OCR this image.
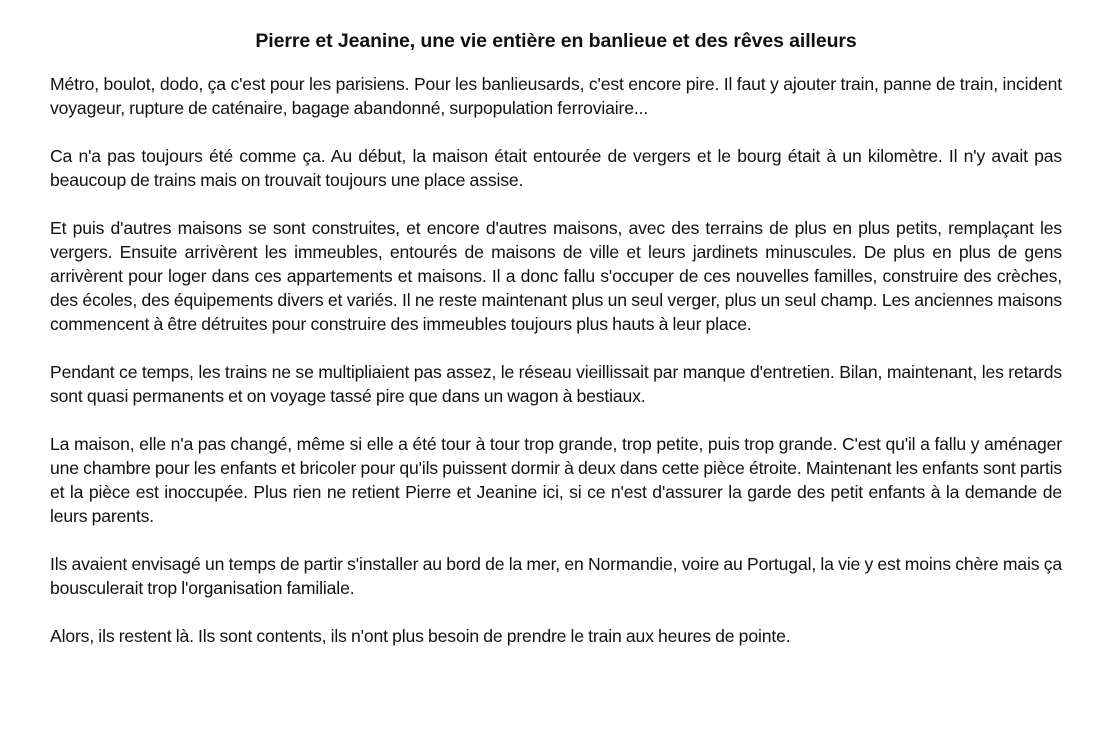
Pierre et Jeanine, une vie entière en banlieue et des rêves ailleurs

Métro, boulot, dodo, ça c'est pour les parisiens. Pour les banlieusards, c'est encore pire. Il faut y ajouter train, panne de train, incident voyageur, rupture de caténaire, bagage abandonné, surpopulation ferroviaire...

Ca n'a pas toujours été comme ça. Au début, la maison était entourée de vergers et le bourg était à un kilomètre. Il n'y avait pas beaucoup de trains mais on trouvait toujours une place assise.

Et puis d'autres maisons se sont construites, et encore d'autres maisons, avec des terrains de plus en plus petits, remplaçant les vergers. Ensuite arrivèrent les immeubles, entourés de maisons de ville et leurs jardinets minuscules. De plus en plus de gens arrivèrent pour loger dans ces appartements et maisons. Il a donc fallu s'occuper de ces nouvelles familles, construire des crèches, des écoles, des équipements divers et variés. Il ne reste maintenant plus un seul verger, plus un seul champ. Les anciennes maisons commencent à être détruites pour construire des immeubles toujours plus hauts à leur place.

Pendant ce temps, les trains ne se multipliaient pas assez, le réseau vieillissait par manque d'entretien. Bilan, maintenant, les retards sont quasi permanents et on voyage tassé pire que dans un wagon à bestiaux.

La maison, elle n'a pas changé, même si elle a été tour à tour trop grande, trop petite, puis trop grande. C'est qu'il a fallu y aménager une chambre pour les enfants et bricoler pour qu'ils puissent dormir à deux dans cette pièce étroite. Maintenant les enfants sont partis et la pièce est inoccupée. Plus rien ne retient Pierre et Jeanine ici, si ce n'est d'assurer la garde des petit enfants à la demande de leurs parents.

Ils avaient envisagé un temps de partir s'installer au bord de la mer, en Normandie, voire au Portugal, la vie y est moins chère mais ça bousculerait trop l'organisation familiale.

Alors, ils restent là. Ils sont contents, ils n'ont plus besoin de prendre le train aux heures de pointe.
